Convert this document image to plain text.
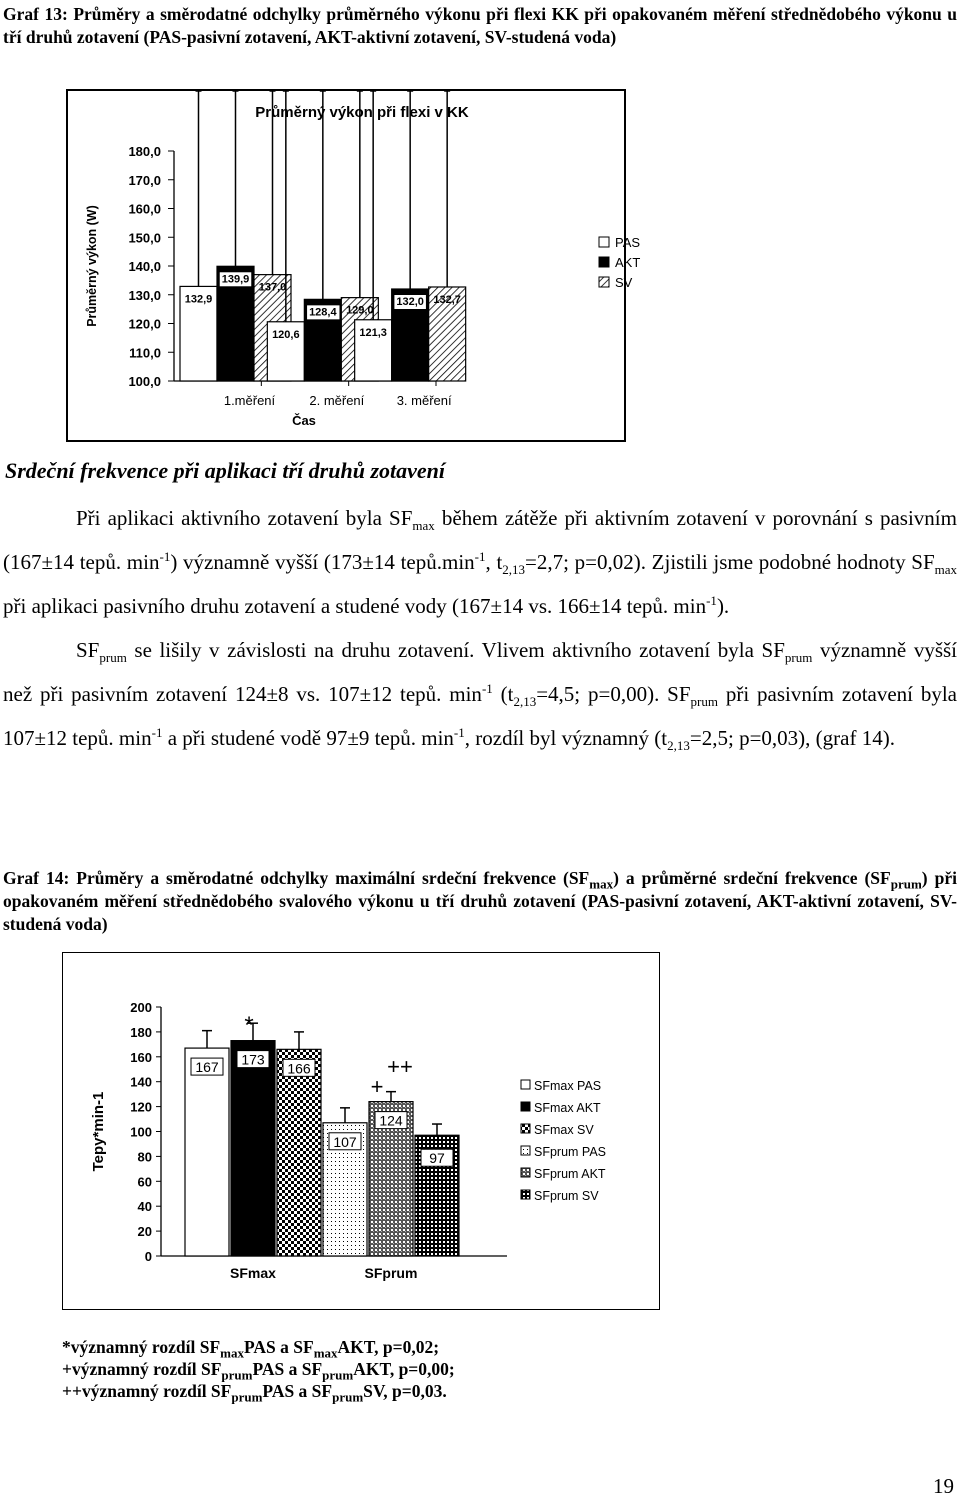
Graf 13: Průměry a směrodatné odchylky průměrného výkonu při flexi KK při opakovaném měření střednědobého výkonu u tří druhů zotavení (PAS-pasivní zotavení, AKT-aktivní zotavení, SV-studená voda)
Průměrný výkon při flexi v KK
100,0
110,0
120,0
130,0
140,0
150,0
160,0
170,0
180,0
Průměrný výkon (W)
1.měření
132,9
139,9
137,0
2. měření
120,6
128,4 129,0
3. měření
121,3
132,0 132,7
Čas
PAS
AKT
SV
Srdeční frekvence při aplikaci tří druhů zotavení

Při aplikaci aktivního zotavení byla $SF_{max}$ během zátěže při aktivním zotavení v porovnání s pasivním (167±14 tepů. $\min^{-1}$) významně vyšší (173±14 $tepů.\min^{-1}$, $t_{2,13}=2,7$; p=0,02). Zjistili jsme podobné hodnoty $SF_{max}$ při aplikaci pasivního druhu zotavení a studené vody (167±14 vs. 166±14 tepů. $\min^{-1}$).

$SF_{prum}$ se lišily v závislosti na druhu zotavení. Vlivem aktivního zotavení byla $SF_{prum}$ významně vyšší než při pasivním zotavení 124±8 vs. 107±12 tepů. $\min^{-1} (t_{2,13}=4,5$; p=0,00). $SF_{prum}$ při pasivním zotavení byla 107±12 tepů. $\min^{-1} a$ při studené vodě 97±9 tepů. $\min^{-1}$, rozdíl byl významný ($t_{2,13}=2,5$; p=0,03), (graf 14).

Graf 14: Průměry a směrodatné odchylky maximální srdeční frekvence $(SF_{max})$ a průměrné srdeční frekvence $(SF_{prum})$ při opakovaném měření střednědobého svalového výkonu u tří druhů zotavení (PAS-pasivní zotavení, AKT-aktivní zotavení, SV-studená voda)
0
20
40
60
80
100
120
140
160
180
200
Tepy*min-1
167 173
166
107
124
97
SFmax	SFprum
*
+
++
SFmax PAS
SFmax AKT
SFmax SV
SFprum PAS
SFprum AKT
SFprum SV
*významný rozdíl $SF_{max}PAS$ a $SF_{max}AKT$, p=0,02;
+významný rozdíl $SF_{prum}PAS$ a $SF_{prum}AKT$, p=0,00;
++významný rozdíl $SF_{prum}PAS$ a $SF_{prum}SV$, p=0,03.
19
